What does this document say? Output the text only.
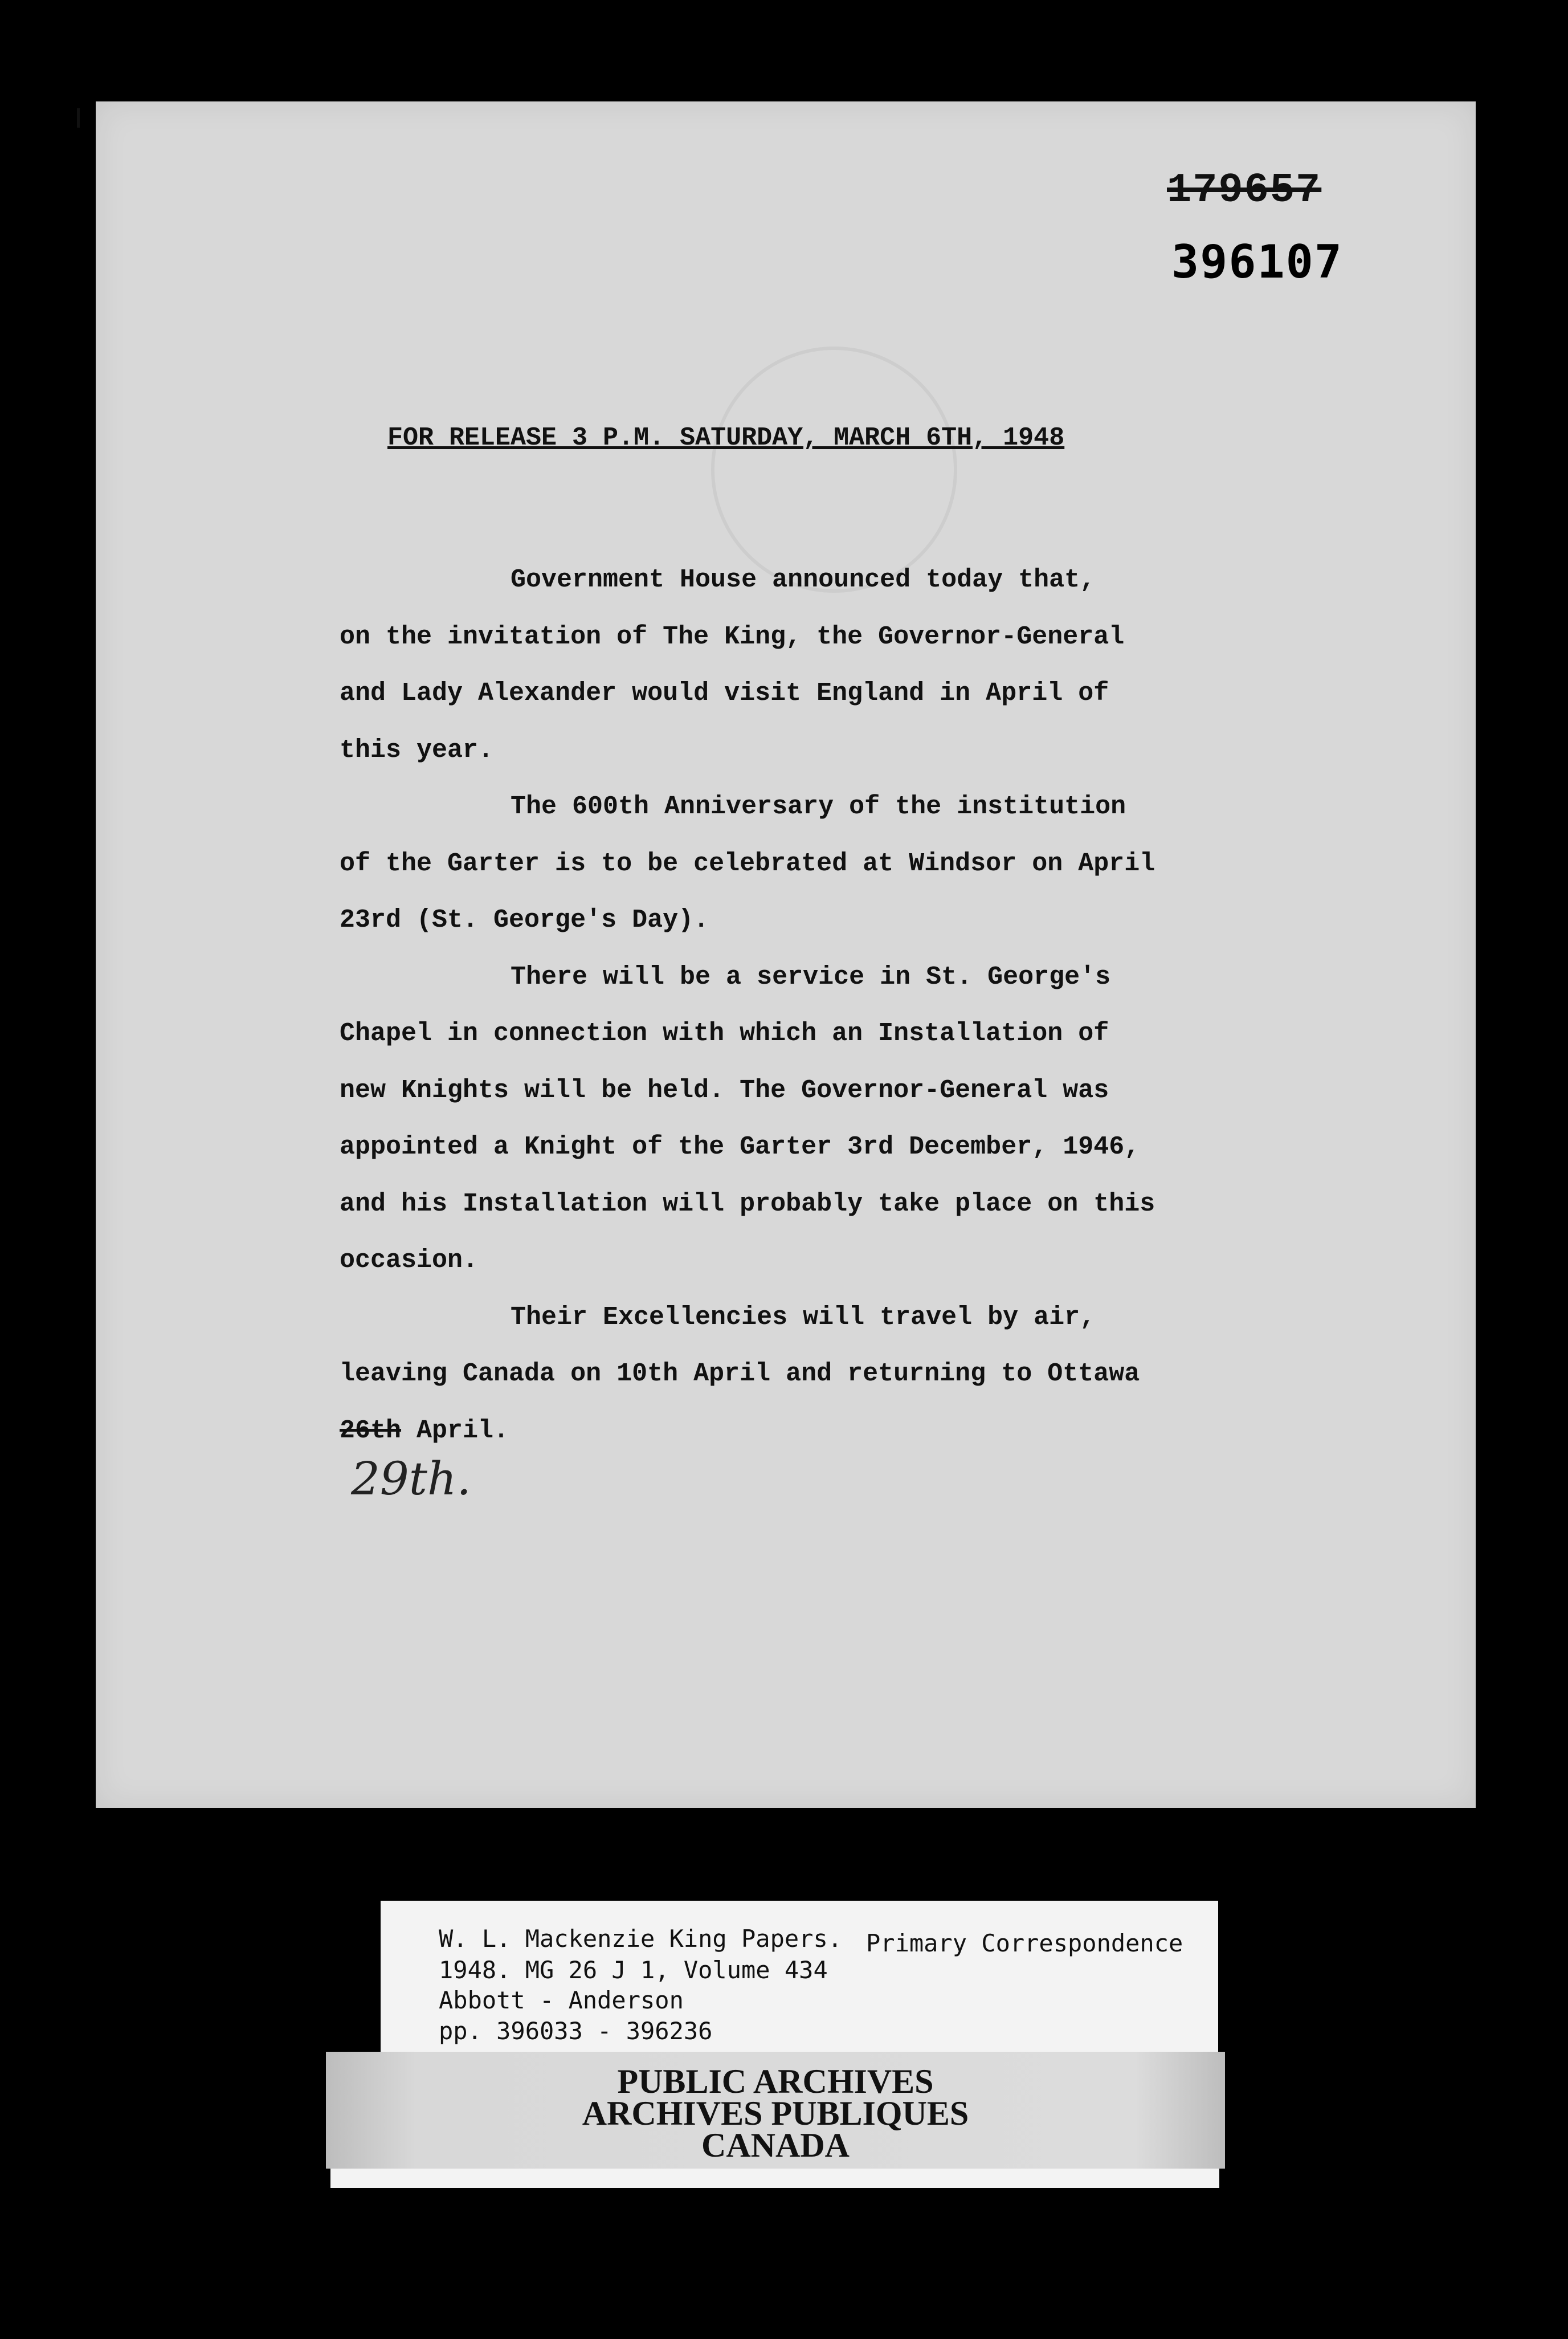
179657
396107
FOR RELEASE 3 P.M. SATURDAY, MARCH 6TH, 1948
Government House announced today that,
on the invitation of The King, the Governor-General
and Lady Alexander would visit England in April of
this year.
The 600th Anniversary of the institution
of the Garter is to be celebrated at Windsor on April
23rd (St. George's Day).
There will be a service in St. George's
Chapel in connection with which an Installation of
new Knights will be held. The Governor-General was
appointed a Knight of the Garter 3rd December, 1946,
and his Installation will probably take place on this
occasion.
Their Excellencies will travel by air,
leaving Canada on 10th April and returning to Ottawa
26th April.
29th.
W. L. Mackenzie King Papers. Primary Correspondence
1948. MG 26 J 1, Volume 434
Abbott - Anderson
pp. 396033 - 396236
PUBLIC ARCHIVES
ARCHIVES PUBLIQUES
CANADA
